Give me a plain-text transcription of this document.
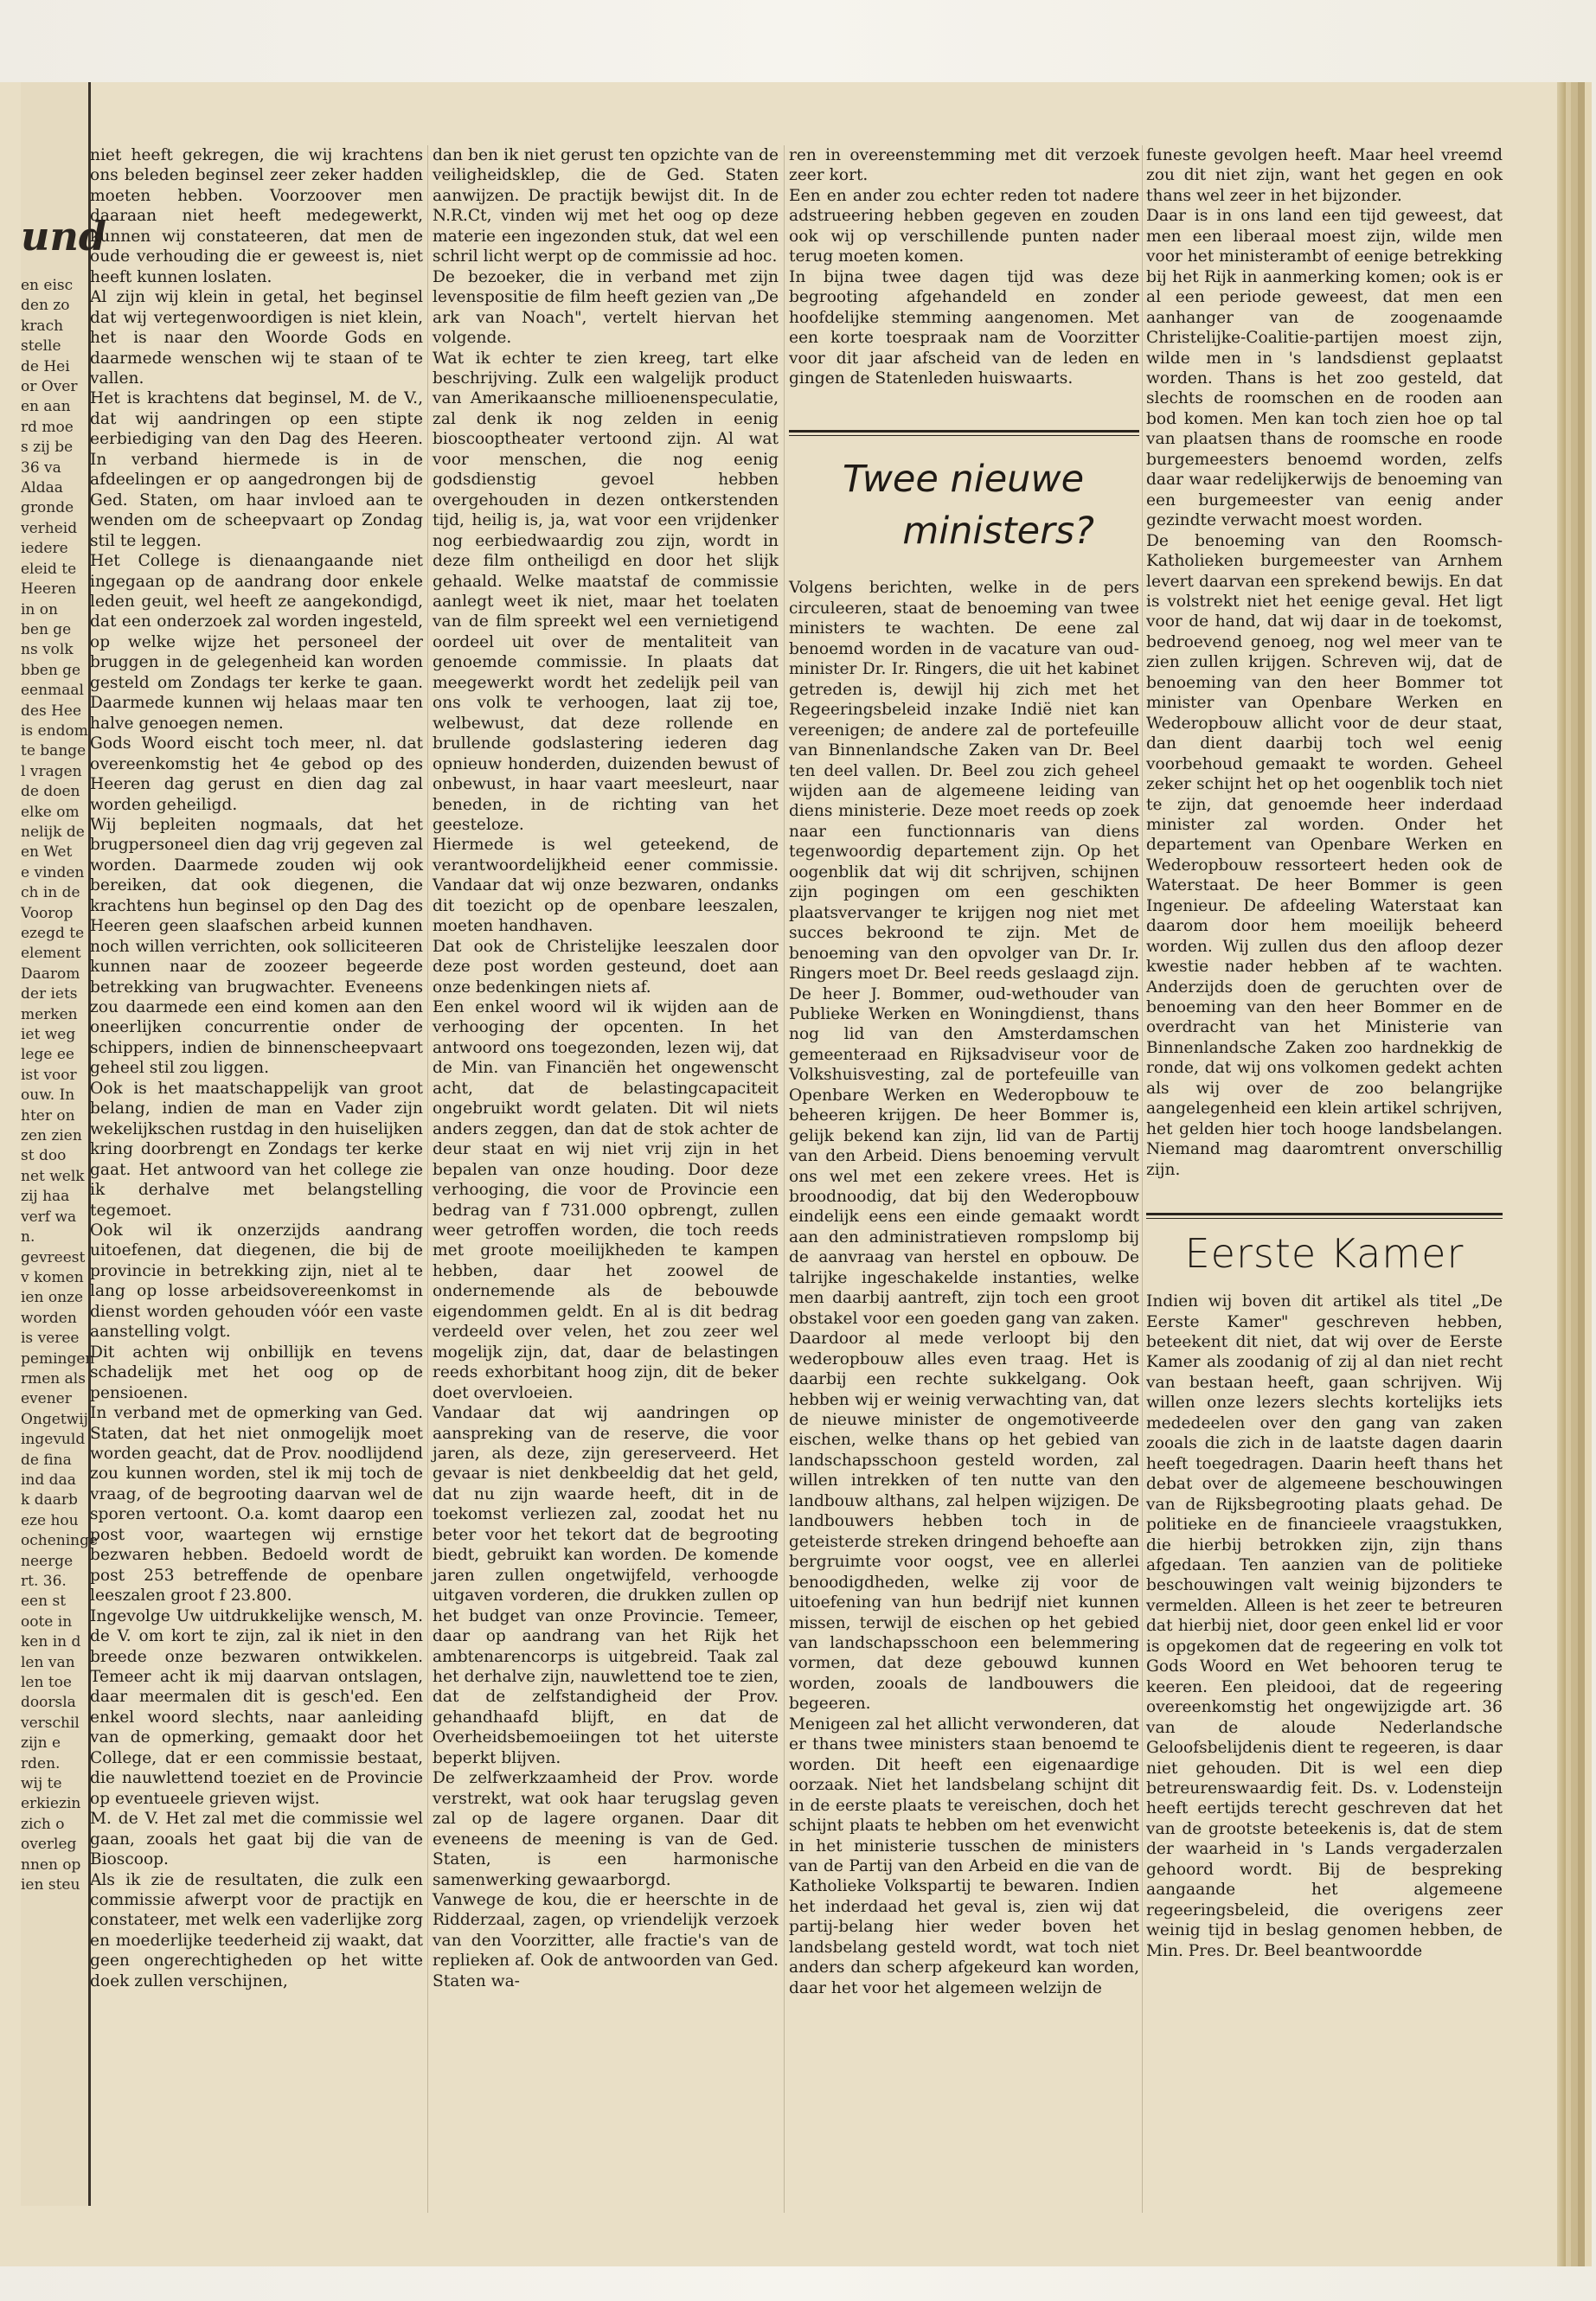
und

en eisc

den zo

krach

stelle

de Hei

or Over

en aan

rd moe

s zij be

36 va

Aldaa

gronde

verheid

iedere

eleid te

Heeren

in on

ben ge

ns volk

bben ge

eenmaal

des Hee

is endom

te bange

l vragen

de doen

elke om

nelijk de

en Wet

e vinden

ch in de

Voorop

ezegd te

element

Daarom

der iets

merken

iet weg

lege ee

ist voor

ouw. In

hter on

zen zien

st doo

net welk

zij haa

verf wa

n.

gevreest

v komen

ien onze

worden

is veree

pemingen

rmen als

evener

Ongetwij

ingevuld

de fina

ind daa

k daarb

eze hou

ocheninge

neerge

rt. 36.

een st

oote in

ken in d

len van

len toe

doorsla

verschil

zijn e

rden.

wij te

erkiezin

zich o

overleg

nnen op

ien steu

niet heeft gekregen, die wij krachtens ons beleden beginsel zeer zeker hadden moeten hebben. Voorzoover men daaraan niet heeft medegewerkt, kunnen wij constateeren, dat men de oude verhouding die er geweest is, niet heeft kunnen loslaten.

Al zijn wij klein in getal, het beginsel dat wij vertegenwoordigen is niet klein, het is naar den Woorde Gods en daarmede wenschen wij te staan of te vallen.

Het is krachtens dat beginsel, M. de V., dat wij aandringen op een stipte eerbiediging van den Dag des Heeren. In verband hiermede is in de afdeelingen er op aangedrongen bij de Ged. Staten, om haar invloed aan te wenden om de scheepvaart op Zondag stil te leggen.

Het College is dienaangaande niet ingegaan op de aandrang door enkele leden geuit, wel heeft ze aangekondigd, dat een onderzoek zal worden ingesteld, op welke wijze het personeel der bruggen in de gelegenheid kan worden gesteld om Zondags ter kerke te gaan. Daarmede kunnen wij helaas maar ten halve genoegen nemen.

Gods Woord eischt toch meer, nl. dat overeenkomstig het 4e gebod op des Heeren dag gerust en dien dag zal worden geheiligd.

Wij bepleiten nogmaals, dat het brugpersoneel dien dag vrij gegeven zal worden. Daarmede zouden wij ook bereiken, dat ook diegenen, die krachtens hun beginsel op den Dag des Heeren geen slaafschen arbeid kunnen noch willen verrichten, ook solliciteeren kunnen naar de zoozeer begeerde betrekking van brugwachter. Eveneens zou daarmede een eind komen aan den oneerlijken concurrentie onder de schippers, indien de binnenscheepvaart geheel stil zou liggen.

Ook is het maatschappelijk van groot belang, indien de man en Vader zijn wekelijkschen rustdag in den huiselijken kring doorbrengt en Zondags ter kerke gaat. Het antwoord van het college zie ik derhalve met belangstelling tegemoet.

Ook wil ik onzerzijds aandrang uitoefenen, dat diegenen, die bij de provincie in betrekking zijn, niet al te lang op losse arbeidsovereenkomst in dienst worden gehouden vóór een vaste aanstelling volgt.

Dit achten wij onbillijk en tevens schadelijk met het oog op de pensioenen.

In verband met de opmerking van Ged. Staten, dat het niet onmogelijk moet worden geacht, dat de Prov. noodlijdend zou kunnen worden, stel ik mij toch de vraag, of de begrooting daarvan wel de sporen vertoont. O.a. komt daarop een post voor, waartegen wij ernstige bezwaren hebben. Bedoeld wordt de post 253 betreffende de openbare leeszalen groot f 23.800.

Ingevolge Uw uitdrukkelijke wensch, M. de V. om kort te zijn, zal ik niet in den breede onze bezwaren ontwikkelen. Temeer acht ik mij daarvan ontslagen, daar meermalen dit is gesch'ed. Een enkel woord slechts, naar aanleiding van de opmerking, gemaakt door het College, dat er een commissie bestaat, die nauwlettend toeziet en de Provincie op eventueele grieven wijst.

M. de V. Het zal met die commissie wel gaan, zooals het gaat bij die van de Bioscoop.

Als ik zie de resultaten, die zulk een commissie afwerpt voor de practijk en constateer, met welk een vaderlijke zorg en moederlijke teederheid zij waakt, dat geen ongerechtigheden op het witte doek zullen verschijnen,

dan ben ik niet gerust ten opzichte van de veiligheidsklep, die de Ged. Staten aanwijzen. De practijk bewijst dit. In de N.R.Ct, vinden wij met het oog op deze materie een ingezonden stuk, dat wel een schril licht werpt op de commissie ad hoc.

De bezoeker, die in verband met zijn levenspositie de film heeft gezien van „De ark van Noach", vertelt hiervan het volgende.

Wat ik echter te zien kreeg, tart elke beschrijving. Zulk een walgelijk product van Amerikaansche millioenenspeculatie, zal denk ik nog zelden in eenig bioscooptheater vertoond zijn. Al wat voor menschen, die nog eenig godsdienstig gevoel hebben overgehouden in dezen ontkerstenden tijd, heilig is, ja, wat voor een vrijdenker nog eerbiedwaardig zou zijn, wordt in deze film ontheiligd en door het slijk gehaald. Welke maatstaf de commissie aanlegt weet ik niet, maar het toelaten van de film spreekt wel een vernietigend oordeel uit over de mentaliteit van genoemde commissie. In plaats dat meegewerkt wordt het zedelijk peil van ons volk te verhoogen, laat zij toe, welbewust, dat deze rollende en brullende godslastering iederen dag opnieuw honderden, duizenden bewust of onbewust, in haar vaart meesleurt, naar beneden, in de richting van het geesteloze.

Hiermede is wel geteekend, de verantwoordelijkheid eener commissie. Vandaar dat wij onze bezwaren, ondanks dit toezicht op de openbare leeszalen, moeten handhaven.

Dat ook de Christelijke leeszalen door deze post worden gesteund, doet aan onze bedenkingen niets af.

Een enkel woord wil ik wijden aan de verhooging der opcenten. In het antwoord ons toegezonden, lezen wij, dat de Min. van Financiën het ongewenscht acht, dat de belastingcapaciteit ongebruikt wordt gelaten. Dit wil niets anders zeggen, dan dat de stok achter de deur staat en wij niet vrij zijn in het bepalen van onze houding. Door deze verhooging, die voor de Provincie een bedrag van f 731.000 opbrengt, zullen weer getroffen worden, die toch reeds met groote moeilijkheden te kampen hebben, daar het zoowel de ondernemende als de bebouwde eigendommen geldt. En al is dit bedrag verdeeld over velen, het zou zeer wel mogelijk zijn, dat, daar de belastingen reeds exhorbitant hoog zijn, dit de beker doet overvloeien.

Vandaar dat wij aandringen op aanspreking van de reserve, die voor jaren, als deze, zijn gereserveerd. Het gevaar is niet denkbeeldig dat het geld, dat nu zijn waarde heeft, dit in de toekomst verliezen zal, zoodat het nu beter voor het tekort dat de begrooting biedt, gebruikt kan worden. De komende jaren zullen ongetwijfeld, verhoogde uitgaven vorderen, die drukken zullen op het budget van onze Provincie. Temeer, daar op aandrang van het Rijk het ambtenarencorps is uitgebreid. Taak zal het derhalve zijn, nauwlettend toe te zien, dat de zelfstandigheid der Prov. gehandhaafd blijft, en dat de Overheidsbemoeiingen tot het uiterste beperkt blijven.

De zelfwerkzaamheid der Prov. worde verstrekt, wat ook haar terugslag geven zal op de lagere organen. Daar dit eveneens de meening is van de Ged. Staten, is een harmonische samenwerking gewaarborgd.

Vanwege de kou, die er heerschte in de Ridderzaal, zagen, op vriendelijk verzoek van den Voorzitter, alle fractie's van de replieken af. Ook de antwoorden van Ged. Staten wa-

ren in overeenstemming met dit verzoek zeer kort.

Een en ander zou echter reden tot nadere adstrueering hebben gegeven en zouden ook wij op verschillende punten nader terug moeten komen.

In bijna twee dagen tijd was deze begrooting afgehandeld en zonder hoofdelijke stemming aangenomen. Met een korte toespraak nam de Voorzitter voor dit jaar afscheid van de leden en gingen de Statenleden huiswaarts.

Twee nieuwe
ministers?

Volgens berichten, welke in de pers circuleeren, staat de benoeming van twee ministers te wachten. De eene zal benoemd worden in de vacature van oud-minister Dr. Ir. Ringers, die uit het kabinet getreden is, dewijl hij zich met het Regeeringsbeleid inzake Indië niet kan vereenigen; de andere zal de portefeuille van Binnenlandsche Zaken van Dr. Beel ten deel vallen. Dr. Beel zou zich geheel wijden aan de algemeene leiding van diens ministerie. Deze moet reeds op zoek naar een functionnaris van diens tegenwoordig departement zijn. Op het oogenblik dat wij dit schrijven, schijnen zijn pogingen om een geschikten plaatsvervanger te krijgen nog niet met succes bekroond te zijn. Met de benoeming van den opvolger van Dr. Ir. Ringers moet Dr. Beel reeds geslaagd zijn. De heer J. Bommer, oud-wethouder van Publieke Werken en Woningdienst, thans nog lid van den Amsterdamschen gemeenteraad en Rijksadviseur voor de Volkshuisvesting, zal de portefeuille van Openbare Werken en Wederopbouw te beheeren krijgen. De heer Bommer is, gelijk bekend kan zijn, lid van de Partij van den Arbeid. Diens benoeming vervult ons wel met een zekere vrees. Het is broodnoodig, dat bij den Wederopbouw eindelijk eens een einde gemaakt wordt aan den administratieven rompslomp bij de aanvraag van herstel en opbouw. De talrijke ingeschakelde instanties, welke men daarbij aantreft, zijn toch een groot obstakel voor een goeden gang van zaken. Daardoor al mede verloopt bij den wederopbouw alles even traag. Het is daarbij een rechte sukkelgang. Ook hebben wij er weinig verwachting van, dat de nieuwe minister de ongemotiveerde eischen, welke thans op het gebied van landschapsschoon gesteld worden, zal willen intrekken of ten nutte van den landbouw althans, zal helpen wijzigen. De landbouwers hebben toch in de geteisterde streken dringend behoefte aan bergruimte voor oogst, vee en allerlei benoodigdheden, welke zij voor de uitoefening van hun bedrijf niet kunnen missen, terwijl de eischen op het gebied van landschapsschoon een belemmering vormen, dat deze gebouwd kunnen worden, zooals de landbouwers die begeeren.

Menigeen zal het allicht verwonderen, dat er thans twee ministers staan benoemd te worden. Dit heeft een eigenaardige oorzaak. Niet het landsbelang schijnt dit in de eerste plaats te vereischen, doch het schijnt plaats te hebben om het evenwicht in het ministerie tusschen de ministers van de Partij van den Arbeid en die van de Katholieke Volkspartij te bewaren. Indien het inderdaad het geval is, zien wij dat partij-belang hier weder boven het landsbelang gesteld wordt, wat toch niet anders dan scherp afgekeurd kan worden, daar het voor het algemeen welzijn de

funeste gevolgen heeft. Maar heel vreemd zou dit niet zijn, want het gegen en ook thans wel zeer in het bijzonder.

Daar is in ons land een tijd geweest, dat men een liberaal moest zijn, wilde men voor het ministerambt of eenige betrekking bij het Rijk in aanmerking komen; ook is er al een periode geweest, dat men een aanhanger van de zoogenaamde Christelijke-Coalitie-partijen moest zijn, wilde men in 's landsdienst geplaatst worden. Thans is het zoo gesteld, dat slechts de roomschen en de rooden aan bod komen. Men kan toch zien hoe op tal van plaatsen thans de roomsche en roode burgemeesters benoemd worden, zelfs daar waar redelijkerwijs de benoeming van een burgemeester van eenig ander gezindte verwacht moest worden.

De benoeming van den Roomsch-Katholieken burgemeester van Arnhem levert daarvan een sprekend bewijs. En dat is volstrekt niet het eenige geval. Het ligt voor de hand, dat wij daar in de toekomst, bedroevend genoeg, nog wel meer van te zien zullen krijgen. Schreven wij, dat de benoeming van den heer Bommer tot minister van Openbare Werken en Wederopbouw allicht voor de deur staat, dan dient daarbij toch wel eenig voorbehoud gemaakt te worden. Geheel zeker schijnt het op het oogenblik toch niet te zijn, dat genoemde heer inderdaad minister zal worden. Onder het departement van Openbare Werken en Wederopbouw ressorteert heden ook de Waterstaat. De heer Bommer is geen Ingenieur. De afdeeling Waterstaat kan daarom door hem moeilijk beheerd worden. Wij zullen dus den afloop dezer kwestie nader hebben af te wachten. Anderzijds doen de geruchten over de benoeming van den heer Bommer en de overdracht van het Ministerie van Binnenlandsche Zaken zoo hardnekkig de ronde, dat wij ons volkomen gedekt achten als wij over de zoo belangrijke aangelegenheid een klein artikel schrijven, het gelden hier toch hooge landsbelangen. Niemand mag daaromtrent onverschillig zijn.

Eerste Kamer

Indien wij boven dit artikel als titel „De Eerste Kamer" geschreven hebben, beteekent dit niet, dat wij over de Eerste Kamer als zoodanig of zij al dan niet recht van bestaan heeft, gaan schrijven. Wij willen onze lezers slechts kortelijks iets mededeelen over den gang van zaken zooals die zich in de laatste dagen daarin heeft toegedragen. Daarin heeft thans het debat over de algemeene beschouwingen van de Rijksbegrooting plaats gehad. De politieke en de financieele vraagstukken, die hierbij betrokken zijn, zijn thans afgedaan. Ten aanzien van de politieke beschouwingen valt weinig bijzonders te vermelden. Alleen is het zeer te betreuren dat hierbij niet, door geen enkel lid er voor is opgekomen dat de regeering en volk tot Gods Woord en Wet behooren terug te keeren. Een pleidooi, dat de regeering overeenkomstig het ongewijzigde art. 36 van de aloude Nederlandsche Geloofsbelijdenis dient te regeeren, is daar niet gehouden. Dit is wel een diep betreurenswaardig feit. Ds. v. Lodensteijn heeft eertijds terecht geschreven dat het van de grootste beteekenis is, dat de stem der waarheid in 's Lands vergaderzalen gehoord wordt. Bij de bespreking aangaande het algemeene regeeringsbeleid, die overigens zeer weinig tijd in beslag genomen hebben, de Min. Pres. Dr. Beel beantwoordde
